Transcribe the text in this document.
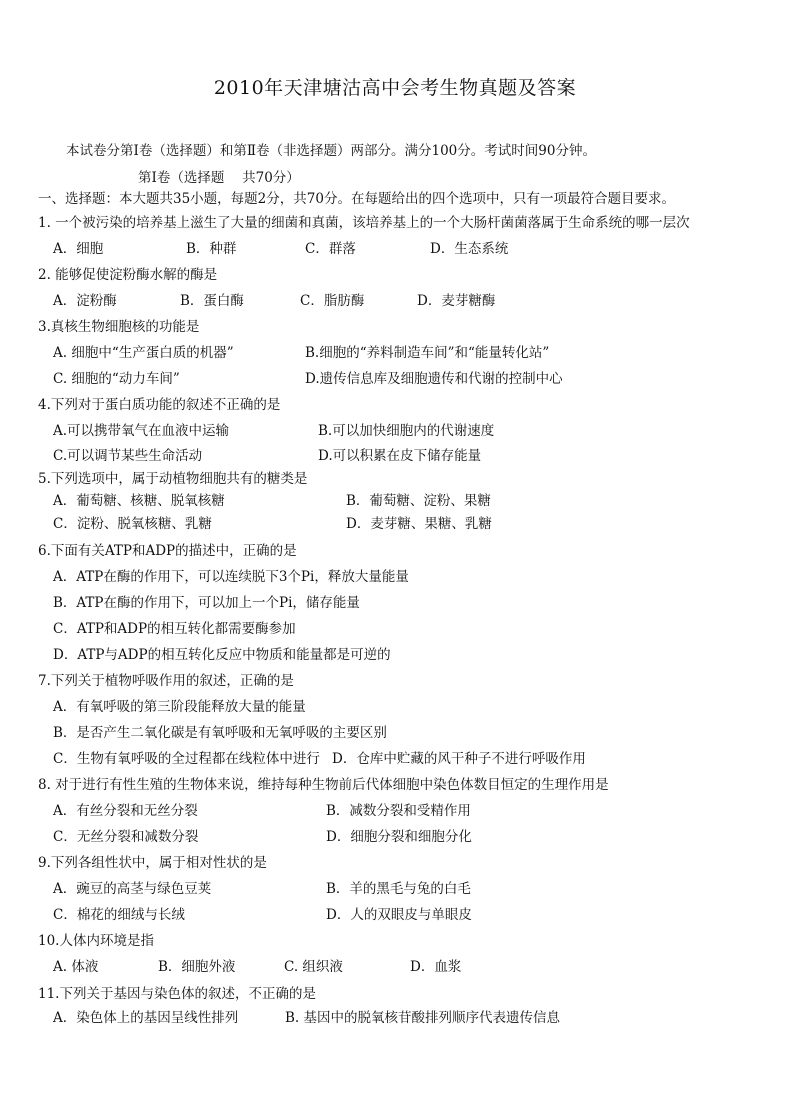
2010年天津塘沽高中会考生物真题及答案
本试卷分第Ⅰ卷（选择题）和第Ⅱ卷（非选择题）两部分。满分100分。考试时间90分钟。
第Ⅰ卷（选择题　 共70分）
一、选择题：本大题共35小题，每题2分，共70分。在每题给出的四个选项中，只有一项最符合题目要求。
1. 一个被污染的培养基上滋生了大量的细菌和真菌，该培养基上的一个大肠杆菌菌落属于生命系统的哪一层次
A．细胞	B．种群	C．群落	D．生态系统
2. 能够促使淀粉酶水解的酶是
A．淀粉酶	B．蛋白酶	C．脂肪酶	D．麦芽糖酶
3.真核生物细胞核的功能是
A. 细胞中“生产蛋白质的机器”	B.细胞的“养料制造车间”和“能量转化站”
C. 细胞的“动力车间”	D.遗传信息库及细胞遗传和代谢的控制中心
4.下列对于蛋白质功能的叙述不正确的是
A.可以携带氧气在血液中运输	B.可以加快细胞内的代谢速度
C.可以调节某些生命活动	D.可以积累在皮下储存能量
5.下列选项中，属于动植物细胞共有的糖类是
A．葡萄糖、核糖、脱氧核糖	B．葡萄糖、淀粉、果糖
C．淀粉、脱氧核糖、乳糖	D．麦芽糖、果糖、乳糖
6.下面有关ATP和ADP的描述中，正确的是
A．ATP在酶的作用下，可以连续脱下3个Pi，释放大量能量
B．ATP在酶的作用下，可以加上一个Pi，储存能量
C．ATP和ADP的相互转化都需要酶参加
D．ATP与ADP的相互转化反应中物质和能量都是可逆的
7.下列关于植物呼吸作用的叙述，正确的是
A．有氧呼吸的第三阶段能释放大量的能量
B．是否产生二氧化碳是有氧呼吸和无氧呼吸的主要区别
C．生物有氧呼吸的全过程都在线粒体中进行 D．仓库中贮藏的风干种子不进行呼吸作用
8. 对于进行有性生殖的生物体来说，维持每种生物前后代体细胞中染色体数目恒定的生理作用是
A．有丝分裂和无丝分裂	B．减数分裂和受精作用
C．无丝分裂和减数分裂	D．细胞分裂和细胞分化
9.下列各组性状中，属于相对性状的是
A．豌豆的高茎与绿色豆荚	B．羊的黑毛与兔的白毛
C．棉花的细绒与长绒	D．人的双眼皮与单眼皮
10.人体内环境是指
A. 体液	B．细胞外液	C. 组织液	D．血浆
11.下列关于基因与染色体的叙述，不正确的是
A．染色体上的基因呈线性排列	B. 基因中的脱氧核苷酸排列顺序代表遗传信息
